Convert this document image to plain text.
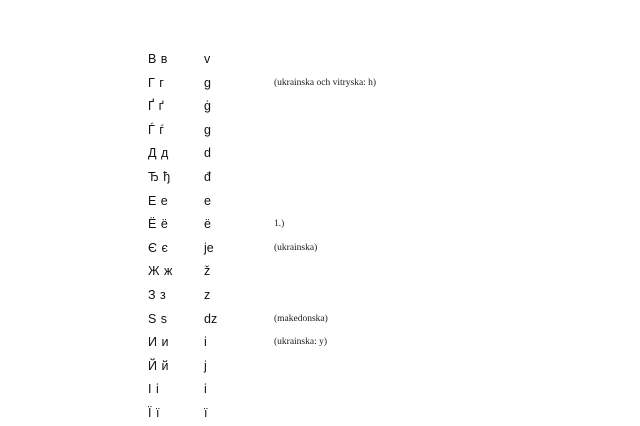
В в	v	
Г г	g	(ukrainska och vitryska: h)
Ґ ґ	ġ	
Ѓ ѓ	g	
Д д	d	
Ђ ђ	đ	
Е е	e	
Ё ё	ë	1.)
Є є	je	(ukrainska)
Ж ж	ž	
З з	z	
Ѕ ѕ	dz	(makedonska)
И и	i	(ukrainska: y)
Й й	j	
І і	i	
Ї ї	ï	
